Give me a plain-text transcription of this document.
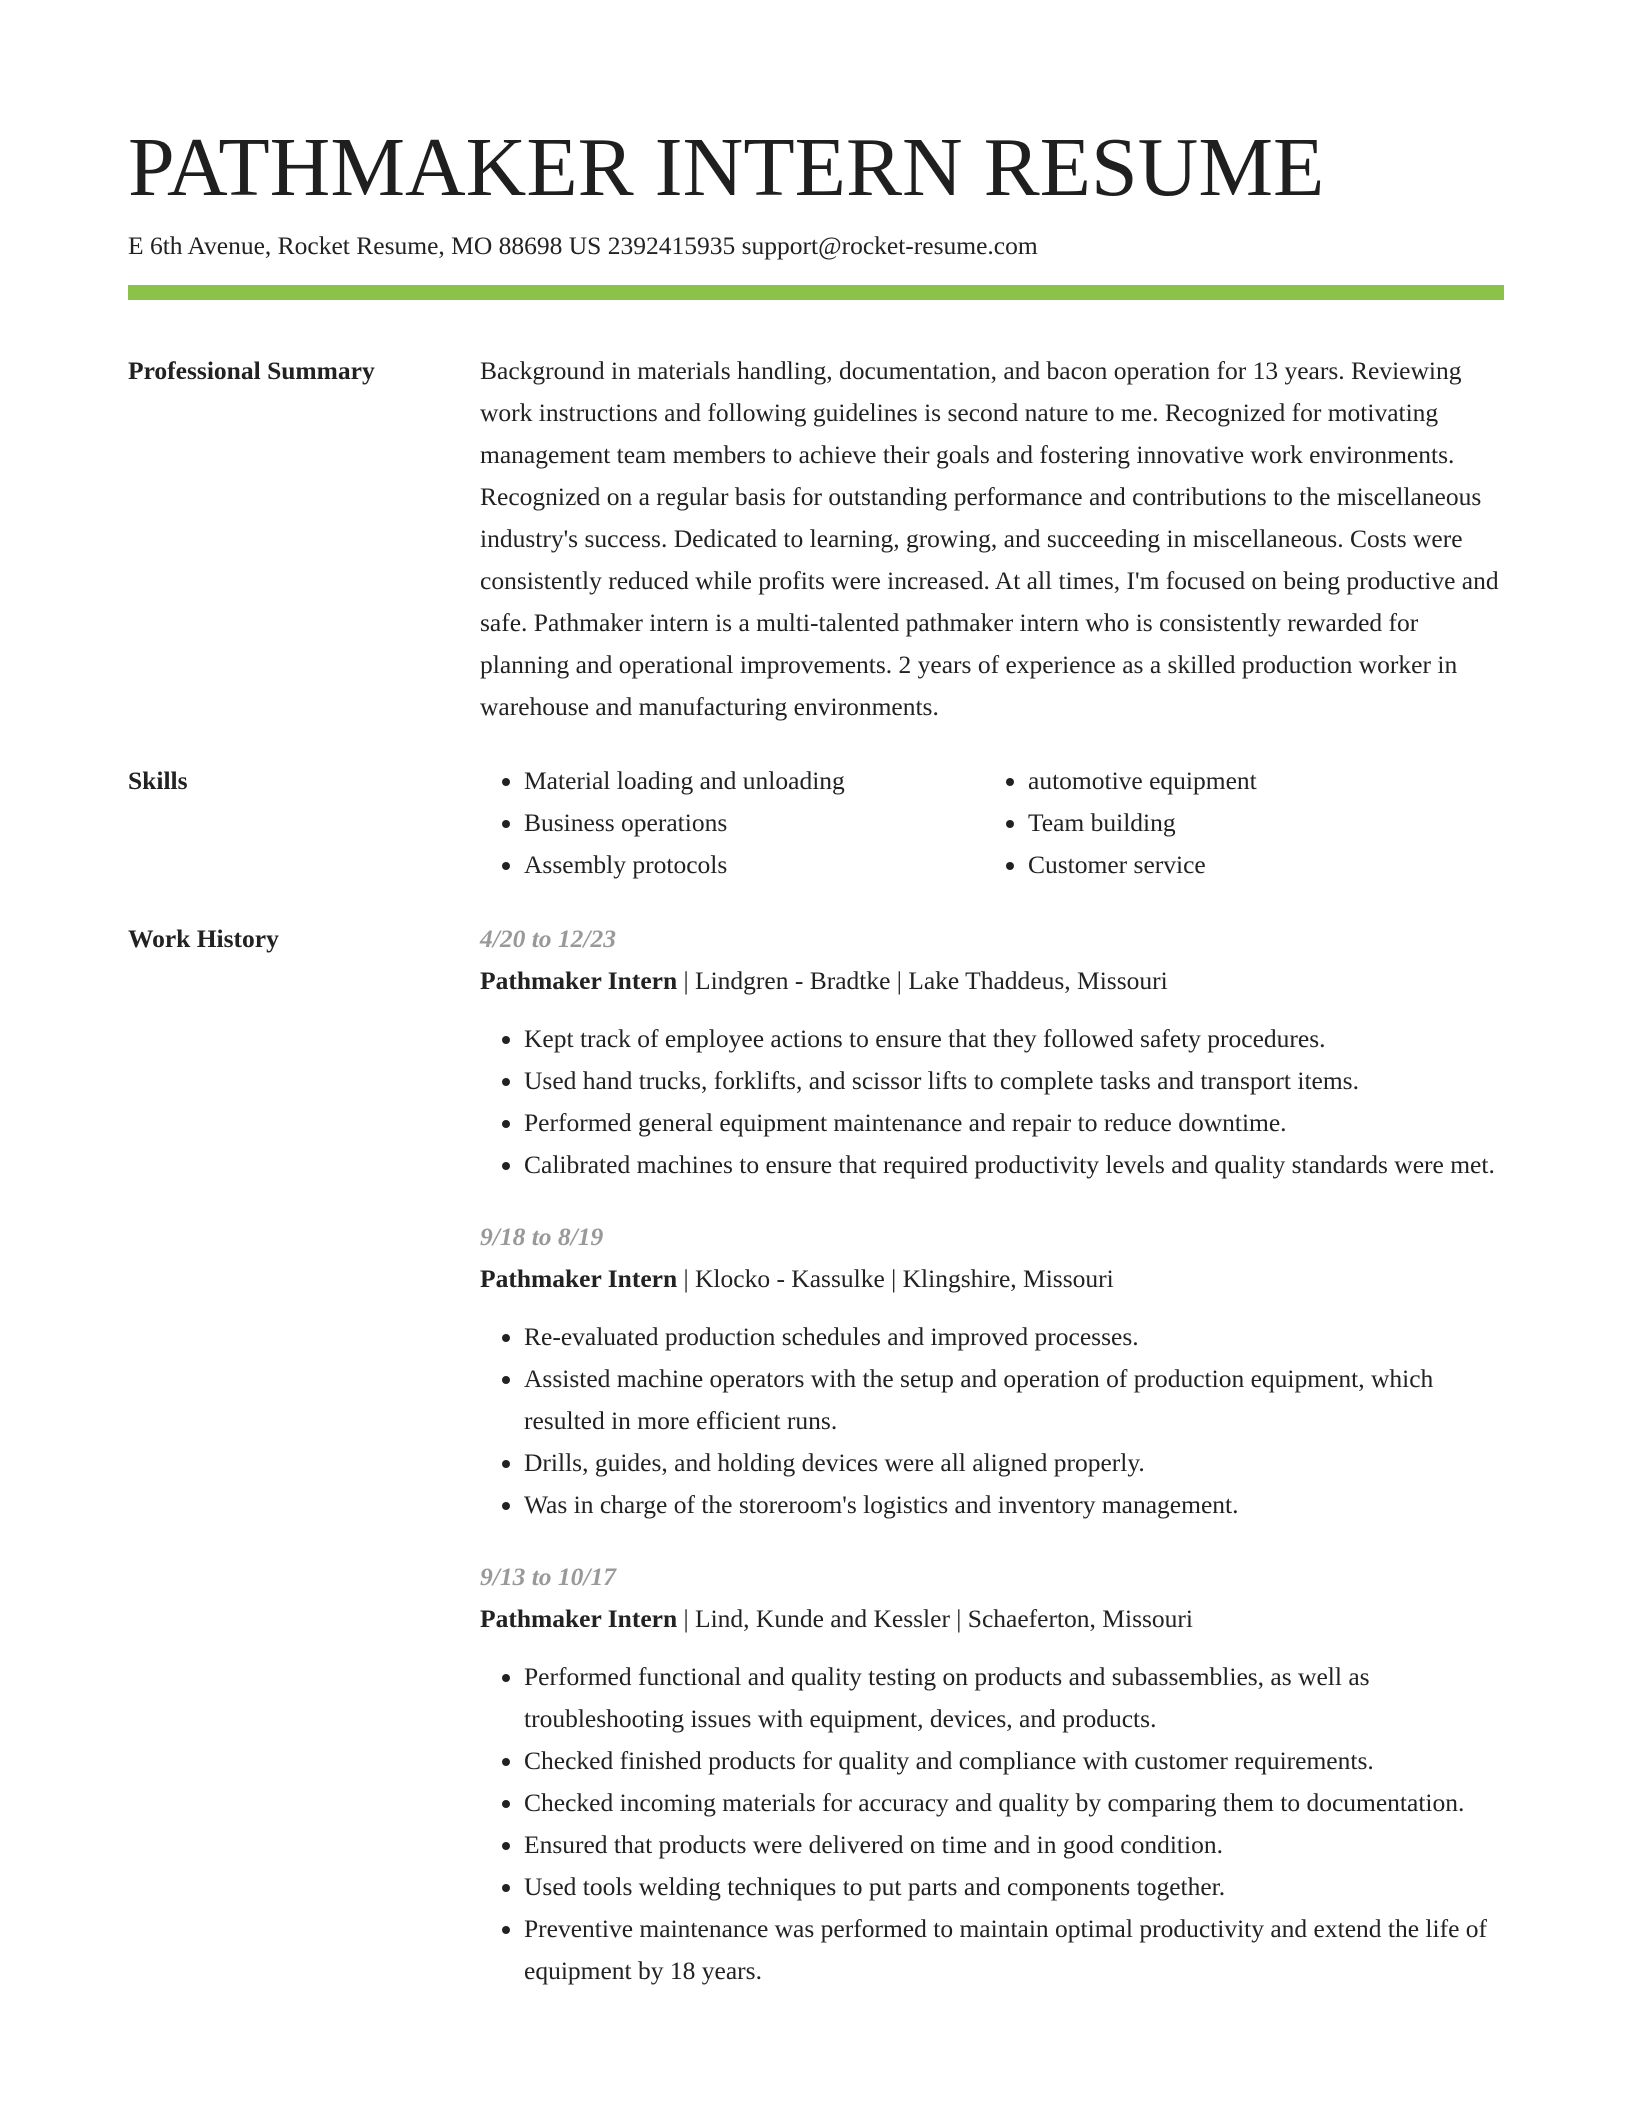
PATHMAKER INTERN RESUME
E 6th Avenue, Rocket Resume, MO 88698 US 2392415935 support@rocket-resume.com
Professional Summary	Background in materials handling, documentation, and bacon operation for 13 years. Reviewing work instructions and following guidelines is second nature to me. Recognized for motivating management team members to achieve their goals and fostering innovative work environments. Recognized on a regular basis for outstanding performance and contributions to the miscellaneous industry's success. Dedicated to learning, growing, and succeeding in miscellaneous. Costs were consistently reduced while profits were increased. At all times, I'm focused on being productive and safe. Pathmaker intern is a multi-talented pathmaker intern who is consistently rewarded for planning and operational improvements. 2 years of experience as a skilled production worker in warehouse and manufacturing environments.

Skills
•	Material loading and unloading
• Business operations
• Assembly protocols
• automotive equipment
• Team building
• Customer service
Work History	4/20 to 12/23
Pathmaker Intern | Lindgren - Bradtke | Lake Thaddeus, Missouri
• Kept track of employee actions to ensure that they followed safety procedures.
• Used hand trucks, forklifts, and scissor lifts to complete tasks and transport items.
• Performed general equipment maintenance and repair to reduce downtime.
• Calibrated machines to ensure that required productivity levels and quality standards were met.
9/18 to 8/19
Pathmaker Intern | Klocko - Kassulke | Klingshire, Missouri
• Re-evaluated production schedules and improved processes.
• Assisted machine operators with the setup and operation of production equipment, which resulted in more efficient runs.
• Drills, guides, and holding devices were all aligned properly.
• Was in charge of the storeroom's logistics and inventory management.
9/13 to 10/17
Pathmaker Intern | Lind, Kunde and Kessler | Schaeferton, Missouri
• Performed functional and quality testing on products and subassemblies, as well as troubleshooting issues with equipment, devices, and products.
• Checked finished products for quality and compliance with customer requirements.
• Checked incoming materials for accuracy and quality by comparing them to documentation.
• Ensured that products were delivered on time and in good condition.
• Used tools welding techniques to put parts and components together.
• Preventive maintenance was performed to maintain optimal productivity and extend the life of equipment by 18 years.
